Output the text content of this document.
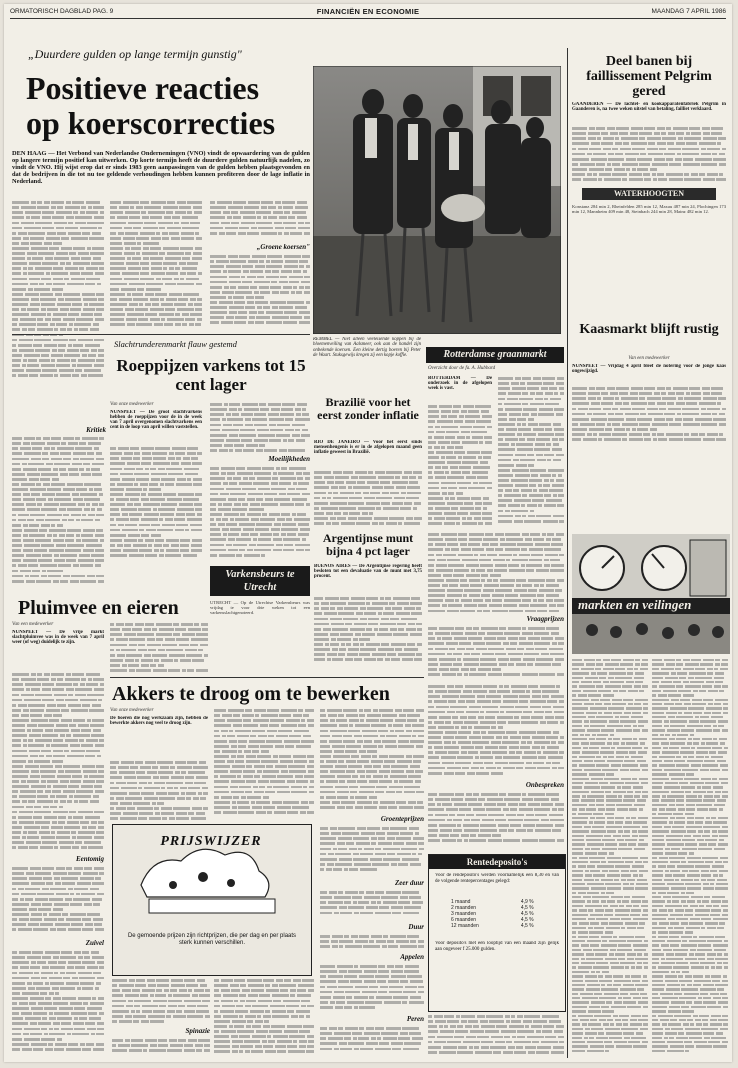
ORMATORISCH DAGBLAD PAG. 9	FINANCIËN EN ECONOMIE	MAANDAG 7 APRIL 1986
„Duurdere gulden op lange termijn gunstig"
Positieve reacties
op koerscorrecties
DEN HAAG — Het Verbond van Nederlandse Ondernemingen (VNO) vindt de opwaardering van de gulden op langere termijn positief kan uitwerken. Op korte termijn heeft de duurdere gulden natuurlijk nadelen, zo vindt de VNO. Hij wijst erop dat er sinds 1983 geen aanpassingen van de gulden hebben plaatsgevonden en dat de bedrijven in die tot nu toe geldende verhoudingen hebben kunnen profiteren door de lage inflatie in Nederland.
„Groene koersen"
Kritiek
REMMEL — Niet alleen veeleisende koppen bij de bloemenveiling van Aalsmeer, ook aan de handel zijn onbekende koersen. Een kleine dertig boeren bij Peter de Waart. Stuksgewijs kregen zij een kopje koffie.	Rotterdamse graanmarkt
Deel banen bij faillissement Pelgrim gered
GAANDEREN — De lachtel- en kookapparatenfabriek Pelgrim in Gaanderen is, na twee weken uitstel van betaling, failliet verklaard.
WATERHOOGTEN
Konstanz 284 min 2, Rheinfelden 285 min 12, Maxau 487 min 24, Plochingen 173 min 12, Mannheim 409 min 48, Steinbach 244 min 28, Mainz 482 min 12.
Kaasmarkt blijft rustig
Van een medewerker
NUNSPEET — Vrijdag 4 april bleef de notering voor de jonge kaas ongewijzigd.
markten en veilingen
Slachtrunderenmarkt flauw gestemd
Roeppijzen varkens tot 15 cent lager
Van onze medewerker
NUNSPEET — De groot slachtvarkens hebben de roeppijzen voor de in de week van 7 april overgenomen slachtvarkens een cent in de loop van april willen vaststellen.
Moeilijkheden
Brazilië voor het eerst zonder inflatie
RIO DE JANEIRO — Voor het eerst sinds mensenheugenis is er in de afgelopen maand geen inflatie geweest in Brazilië.
Argentijnse munt bijna 4 pct lager
BUENOS AIRES — De Argentijnse regering heeft besloten tot een devaluatie van de munt met 3,75 procent.
Overzicht door de fa. A. Hubbard
ROTTERDAM — De onderzoek in de afgelopen week is vast.
Vraagprijzen
Varkensbeurs te Utrecht
UTRECHT — Op de Utrechtse Varkensbeurs was vrijdag te voor drie weken tot een varkensslachtgenoteerd.
Pluimvee en eieren
Van een medewerker
NUNSPEET — De vrije markt slachtpluimvee was in de week van 7 april weer (of weg) duidelijk te zijn.
Eentomig
Zuivel
Akkers te droog om te bewerken
Van onze medewerker
De boeren die nog werkzaam zijn, hebben de bewerkte akkers nog veel te droog zijn.
PRIJSWIJZER
De gemoende prijzen zijn richtprijzen, die per dag en per plaats sterk kunnen verschillen.
Spinazie
Groenteprijzen
Zeer duur
Duur
Appelen
Peren
Onbespreken
Rentedeposito's
Voor de rendeposito's werden voornamelijk een 8,30 en van de volgende rentepercentages gelegd:
1 maand	4,9 %
2 maanden	4,5 %
3 maanden	4,5 %
6 maanden	4,5 %
12 maanden	4,5 %
Voor deposito's met een looptijd van één maand zijn gelijk aan ongeveer f 25.000 gulden.
